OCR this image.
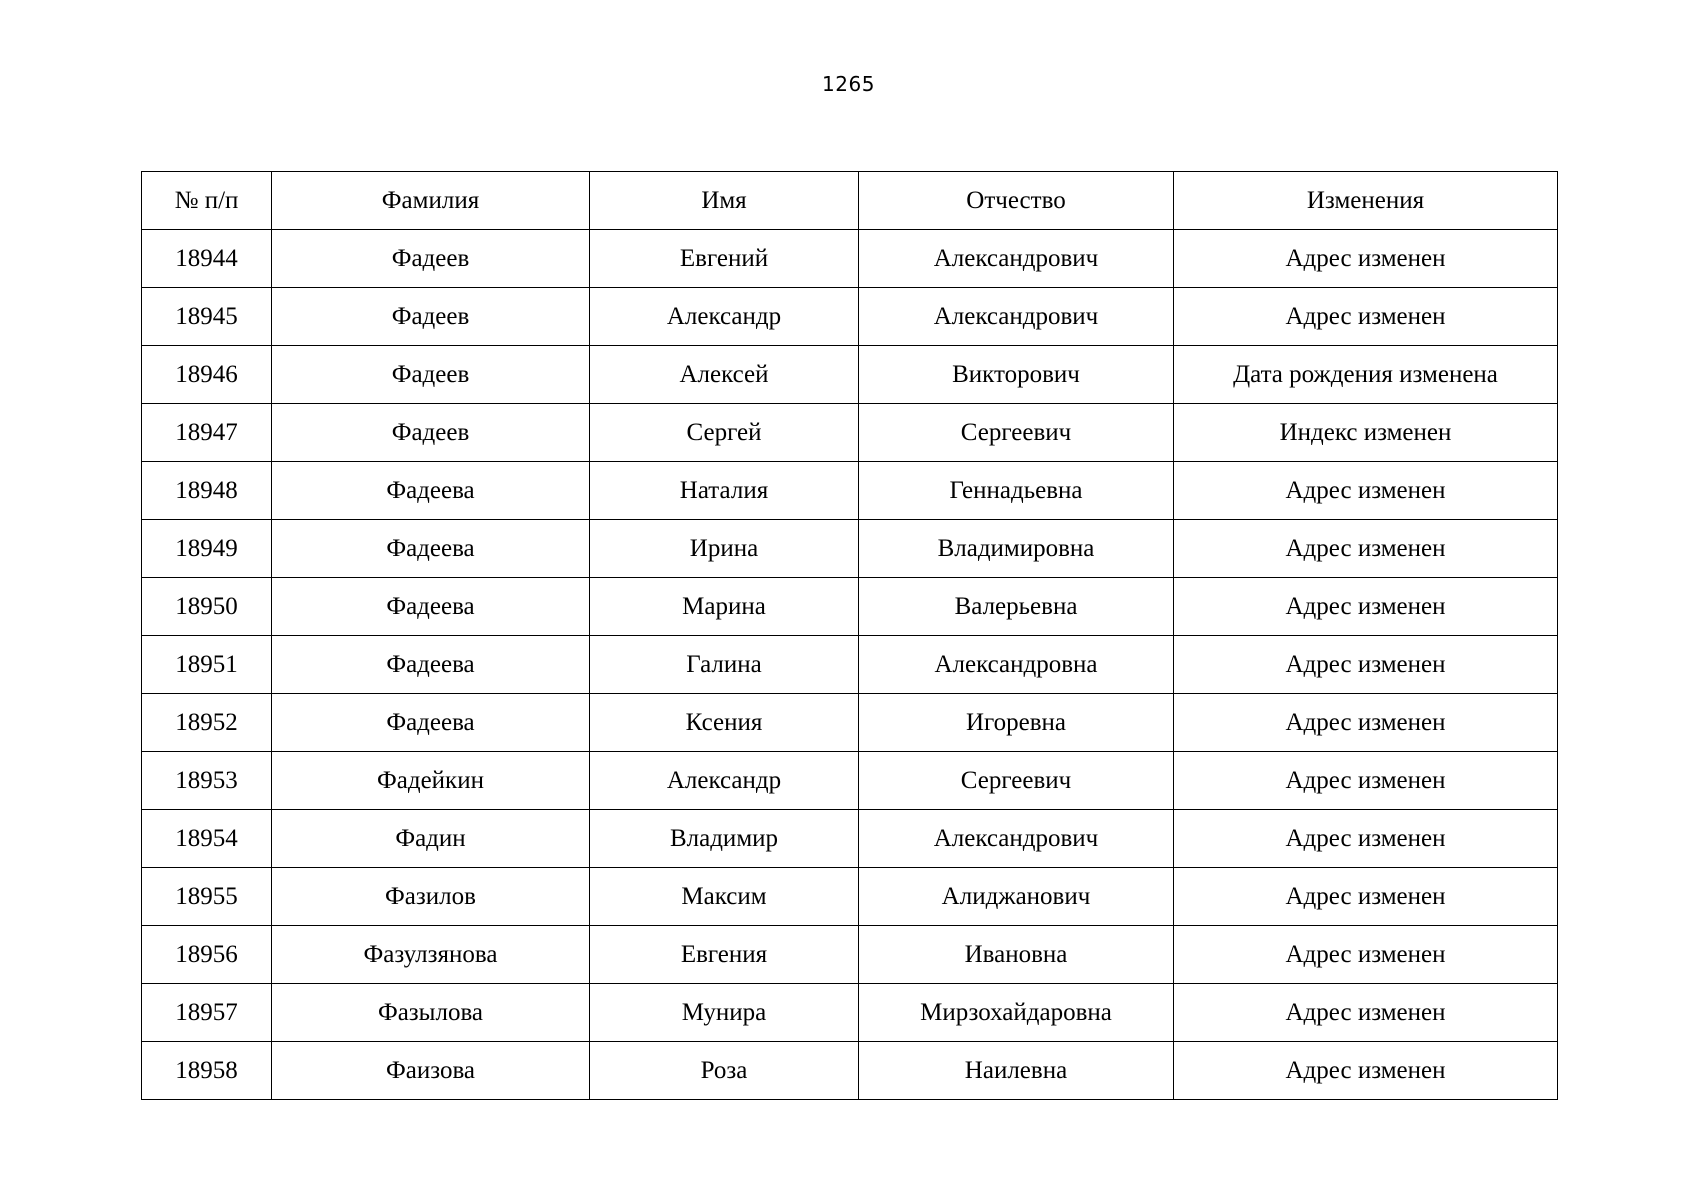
1265
№ п/п	Фамилия	Имя	Отчество	Изменения
18944	Фадеев	Евгений	Александрович	Адрес изменен
18945	Фадеев	Александр	Александрович	Адрес изменен
18946	Фадеев	Алексей	Викторович	Дата рождения изменена
18947	Фадеев	Сергей	Сергеевич	Индекс изменен
18948	Фадеева	Наталия	Геннадьевна	Адрес изменен
18949	Фадеева	Ирина	Владимировна	Адрес изменен
18950	Фадеева	Марина	Валерьевна	Адрес изменен
18951	Фадеева	Галина	Александровна	Адрес изменен
18952	Фадеева	Ксения	Игоревна	Адрес изменен
18953	Фадейкин	Александр	Сергеевич	Адрес изменен
18954	Фадин	Владимир	Александрович	Адрес изменен
18955	Фазилов	Максим	Алиджанович	Адрес изменен
18956	Фазулзянова	Евгения	Ивановна	Адрес изменен
18957	Фазылова	Мунира	Мирзохайдаровна	Адрес изменен
18958	Фаизова	Роза	Наилевна	Адрес изменен
